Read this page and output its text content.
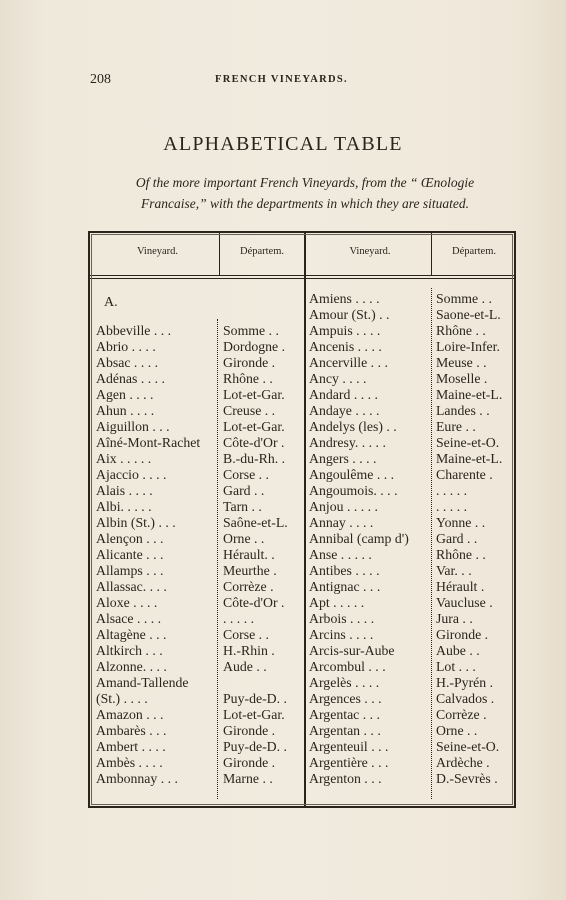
208	FRENCH VINEYARDS.
ALPHABETICAL TABLE
Of the more important French Vineyards, from the “ Œnologie
Francaise,” with the departments in which they are situated.
Vineyard.	Départem.	Vineyard.	Départem.
Abbeville . . .	Somme . .
Abrio . . . .	Dordogne .
Absac . . . .	Gironde .
Adénas . . . .	Rhône . .
Agen . . . .	Lot-et-Gar.
Ahun . . . .	Creuse . .
Aiguillon . . .	Lot-et-Gar.
Aîné-Mont-Rachet	Côte-d'Or .
Aix . . . . .	B.-du-Rh. .
Ajaccio . . . .	Corse . .
Alais . . . .	Gard . .
Albi. . . . .	Tarn . .
Albin (St.) . . .	Saône-et-L.
Alençon . . .	Orne . .
Alicante . . .	Hérault. .
Allamps . . .	Meurthe .
Allassac. . . .	Corrèze .
Aloxe . . . .	Côte-d'Or .
Alsace . . . .	. . . . .
Altagène . . .	Corse . .
Altkirch . . .	H.-Rhin .
Alzonne. . . .	Aude . .
Amand-Tallende
(St.) . . . .	Puy-de-D. .
Amazon . . .	Lot-et-Gar.
Ambarès . . .	Gironde .
Ambert . . . .	Puy-de-D. .
Ambès . . . .	Gironde .
Ambonnay . . .	Marne . .
Amiens . . . .	Somme . .
Amour (St.) . .	Saone-et-L.
Ampuis . . . .	Rhône . .
Ancenis . . . .	Loire-Infer.
Ancerville . . .	Meuse . .
Ancy . . . .	Moselle .
Andard . . . .	Maine-et-L.
Andaye . . . .	Landes . .
Andelys (les) . .	Eure . .
Andresy. . . . .	Seine-et-O.
Angers . . . .	Maine-et-L.
Angoulême . . .	Charente .
Angoumois. . . .	. . . . .
Anjou . . . . .	. . . . .
Annay . . . .	Yonne . .
Annibal (camp d')	Gard . .
Anse . . . . .	Rhône . .
Antibes . . . .	Var. . .
Antignac . . .	Hérault .
Apt . . . . .	Vaucluse .
Arbois . . . .	Jura . .
Arcins . . . .	Gironde .
Arcis-sur-Aube	Aube . .
Arcombul . . .	Lot . . .
Argelès . . . .	H.-Pyrén .
Argences . . .	Calvados .
Argentac . . .	Corrèze .
Argentan . . .	Orne . .
Argenteuil . . .	Seine-et-O.
Argentière . . .	Ardèche .
Argenton . . .	D.-Sevrès .
A.
